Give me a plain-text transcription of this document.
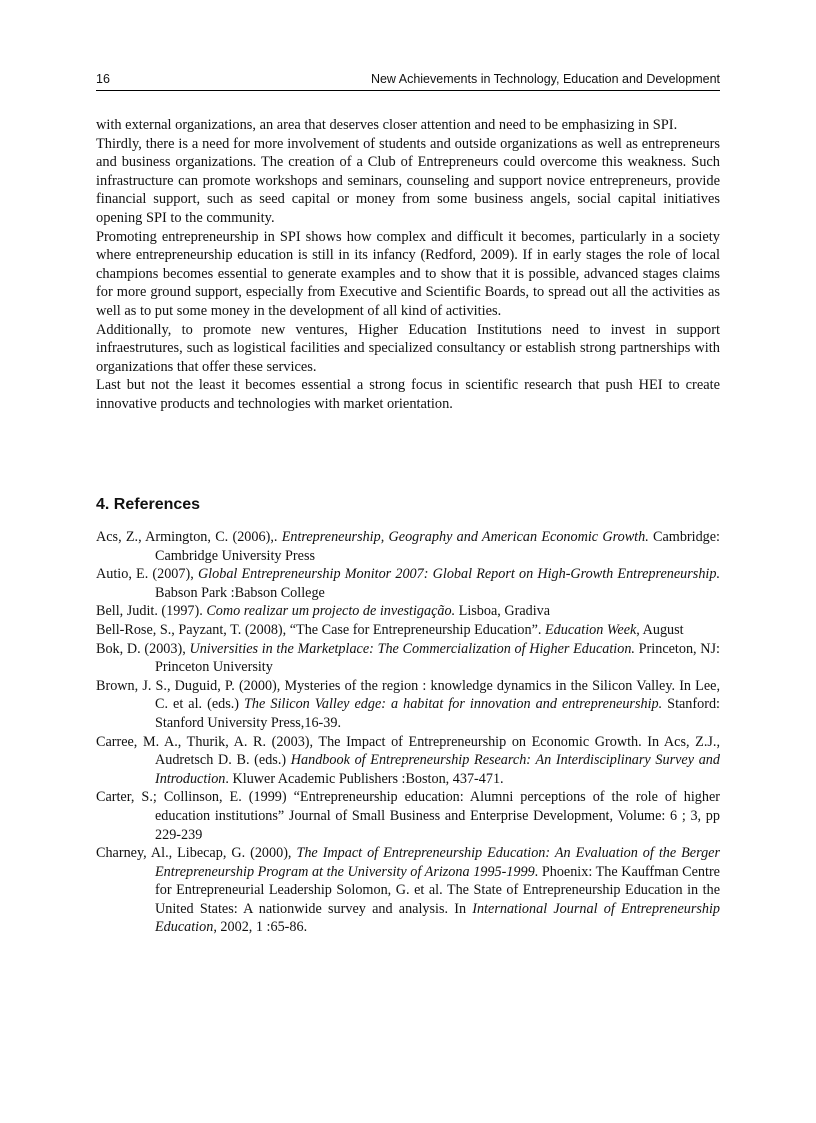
16	New Achievements in Technology, Education and Development

with external organizations, an area that deserves closer attention and need to be emphasizing in SPI.

Thirdly, there is a need for more involvement of students and outside organizations as well as entrepreneurs and business organizations. The creation of a Club of Entrepreneurs could overcome this weakness. Such infrastructure can promote workshops and seminars, counseling and support novice entrepreneurs, provide financial support, such as seed capital or money from some business angels, social capital initiatives opening SPI to the community.

Promoting entrepreneurship in SPI shows how complex and difficult it becomes, particularly in a society where entrepreneurship education is still in its infancy (Redford, 2009). If in early stages the role of local champions becomes essential to generate examples and to show that it is possible, advanced stages claims for more ground support, especially from Executive and Scientific Boards, to spread out all the activities as well as to put some money in the development of all kind of activities.

Additionally, to promote new ventures, Higher Education Institutions need to invest in support infraestrutures, such as logistical facilities and specialized consultancy or establish strong partnerships with organizations that offer these services.

Last but not the least it becomes essential a strong focus in scientific research that push HEI to create innovative products and technologies with market orientation.

4. References

Acs, Z., Armington, C. (2006),. Entrepreneurship, Geography and American Economic Growth. Cambridge: Cambridge University Press

Autio, E. (2007), Global Entrepreneurship Monitor 2007: Global Report on High-Growth Entrepreneurship. Babson Park :Babson College

Bell, Judit. (1997). Como realizar um projecto de investigação. Lisboa, Gradiva

Bell-Rose, S., Payzant, T. (2008), “The Case for Entrepreneurship Education”. Education Week, August

Bok, D. (2003), Universities in the Marketplace: The Commercialization of Higher Education. Princeton, NJ: Princeton University

Brown, J. S., Duguid, P. (2000), Mysteries of the region : knowledge dynamics in the Silicon Valley. In Lee, C. et al. (eds.) The Silicon Valley edge: a habitat for innovation and entrepreneurship. Stanford: Stanford University Press,16-39.

Carree, M. A., Thurik, A. R. (2003), The Impact of Entrepreneurship on Economic Growth. In Acs, Z.J., Audretsch D. B. (eds.) Handbook of Entrepreneurship Research: An Interdisciplinary Survey and Introduction. Kluwer Academic Publishers :Boston, 437-471.

Carter, S.; Collinson, E. (1999) “Entrepreneurship education: Alumni perceptions of the role of higher education institutions” Journal of Small Business and Enterprise Development, Volume: 6 ; 3, pp 229-239

Charney, Al., Libecap, G. (2000), The Impact of Entrepreneurship Education: An Evaluation of the Berger Entrepreneurship Program at the University of Arizona 1995-1999. Phoenix: The Kauffman Centre for Entrepreneurial Leadership Solomon, G. et al. The State of Entrepreneurship Education in the United States: A nationwide survey and analysis. In International Journal of Entrepreneurship Education, 2002, 1 :65-86.
